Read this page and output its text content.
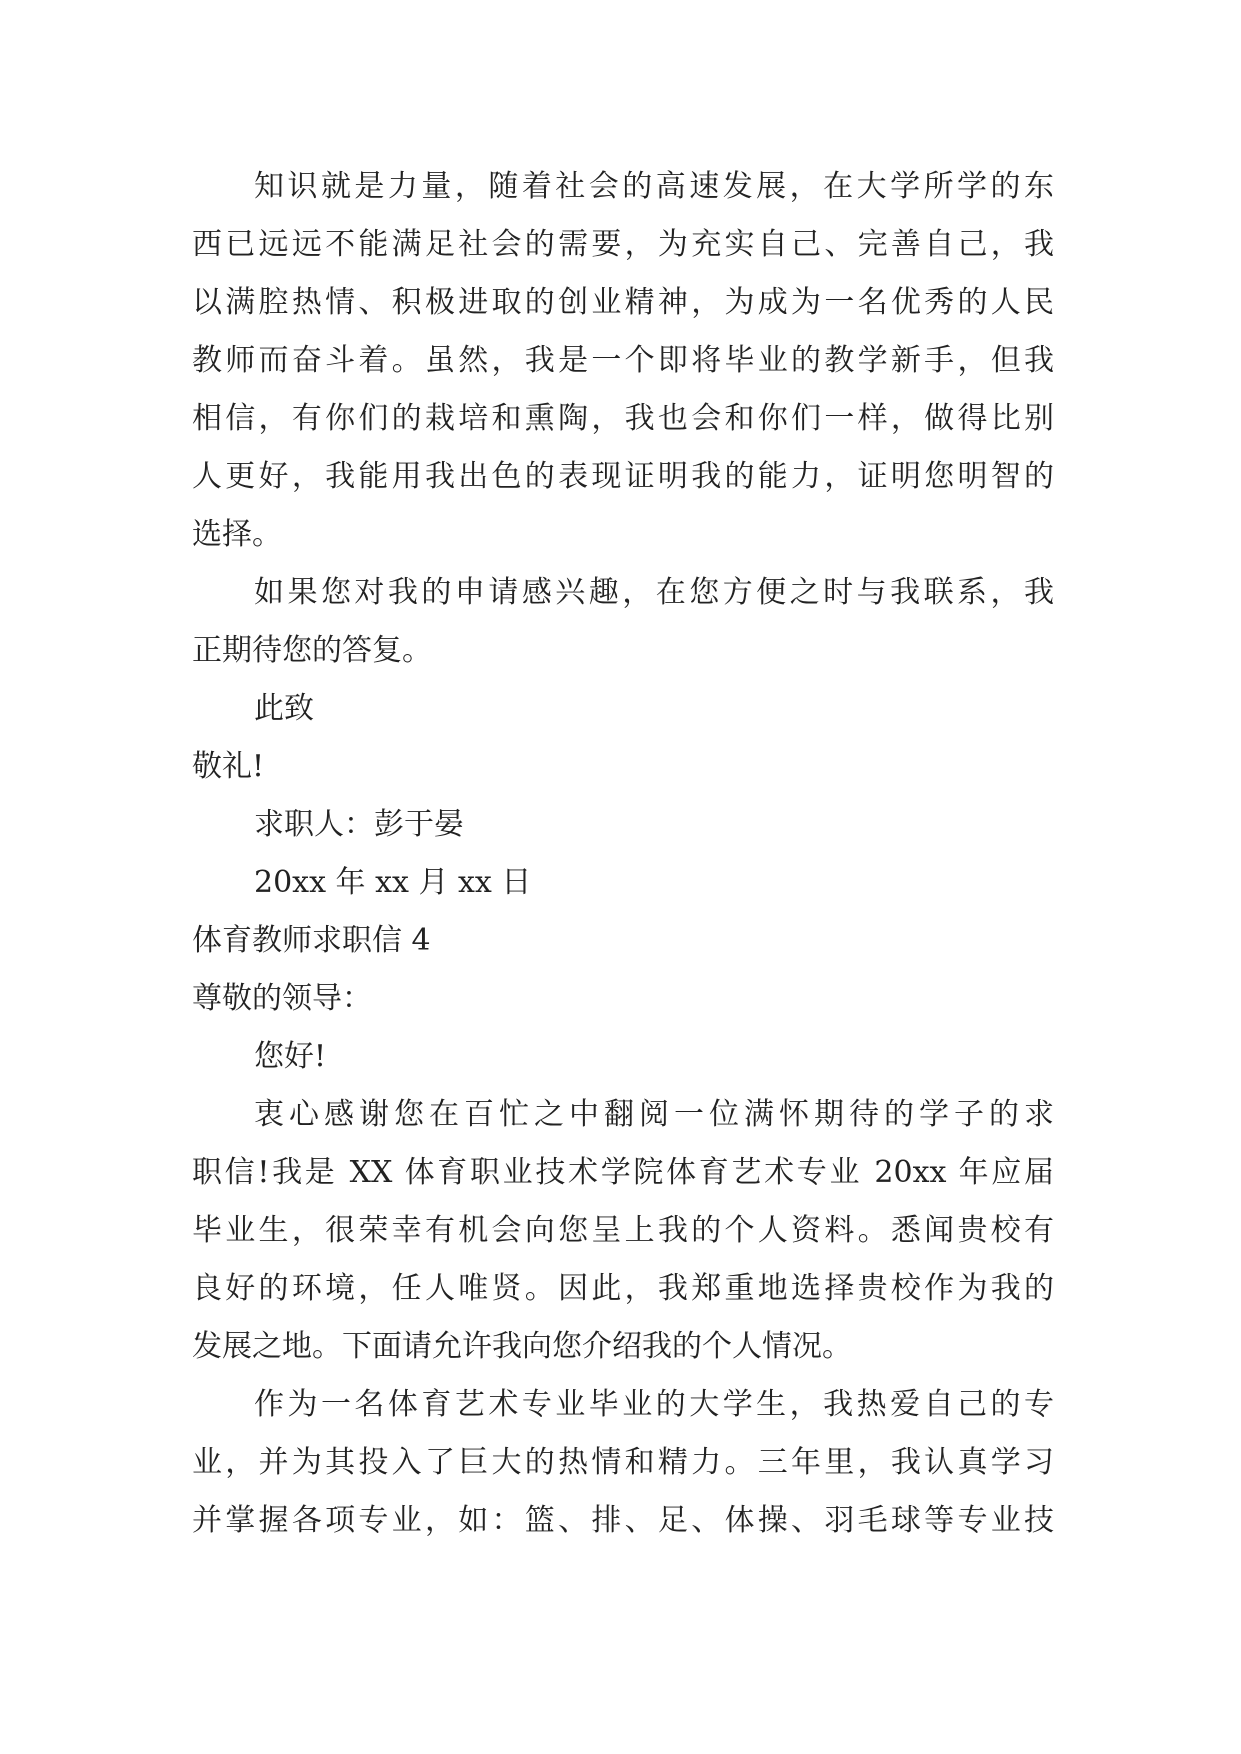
知识就是力量，随着社会的高速发展，在大学所学的东
西已远远不能满足社会的需要，为充实自己、完善自己，我
以满腔热情、积极进取的创业精神，为成为一名优秀的人民
教师而奋斗着。虽然，我是一个即将毕业的教学新手，但我
相信，有你们的栽培和熏陶，我也会和你们一样，做得比别
人更好，我能用我出色的表现证明我的能力，证明您明智的
选择。
如果您对我的申请感兴趣，在您方便之时与我联系，我
正期待您的答复。
此致
敬礼!
求职人：彭于晏
20xx 年 xx 月 xx 日
体育教师求职信 4
尊敬的领导：
您好!
衷心感谢您在百忙之中翻阅一位满怀期待的学子的求
职信!我是 XX 体育职业技术学院体育艺术专业 20xx 年应届
毕业生，很荣幸有机会向您呈上我的个人资料。悉闻贵校有
良好的环境，任人唯贤。因此，我郑重地选择贵校作为我的
发展之地。下面请允许我向您介绍我的个人情况。
作为一名体育艺术专业毕业的大学生，我热爱自己的专
业，并为其投入了巨大的热情和精力。三年里，我认真学习
并掌握各项专业，如：篮、排、足、体操、羽毛球等专业技
